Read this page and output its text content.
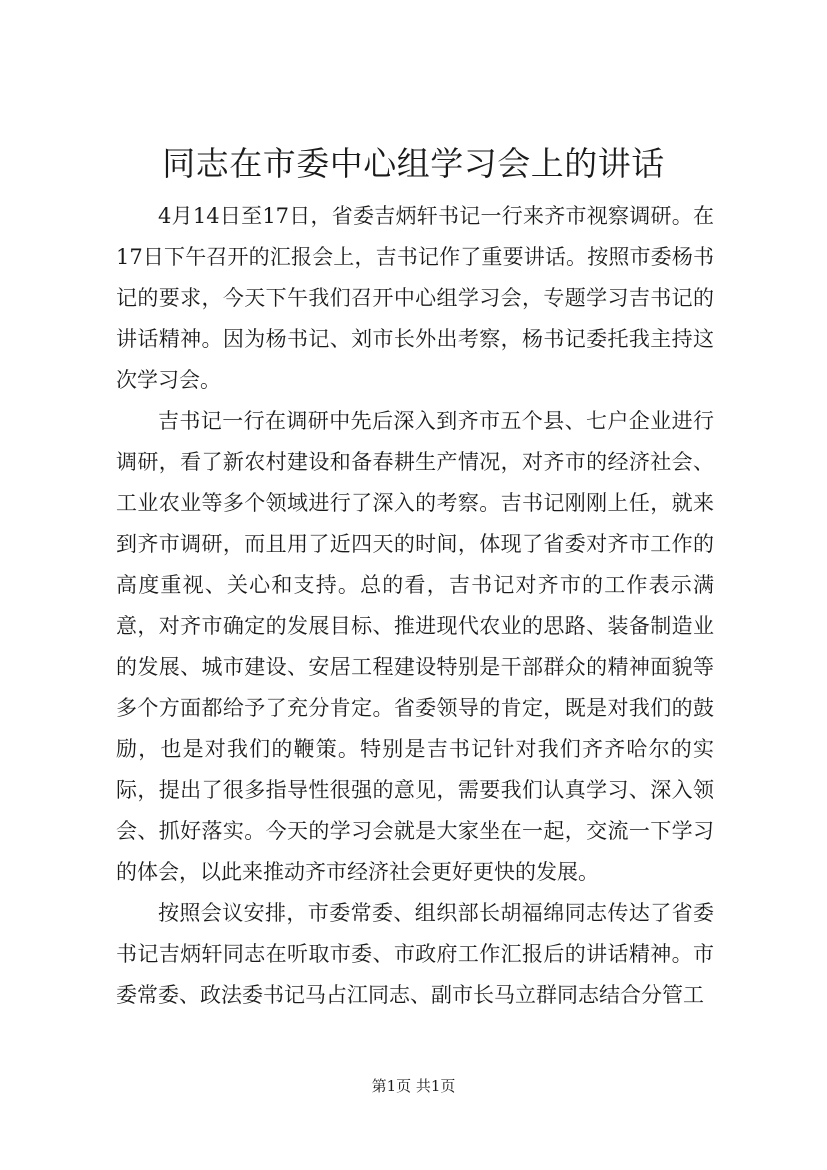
同志在市委中心组学习会上的讲话

4月14日至17日，省委吉炳轩书记一行来齐市视察调研。在17日下午召开的汇报会上，吉书记作了重要讲话。按照市委杨书记的要求，今天下午我们召开中心组学习会，专题学习吉书记的讲话精神。因为杨书记、刘市长外出考察，杨书记委托我主持这次学习会。

吉书记一行在调研中先后深入到齐市五个县、七户企业进行调研，看了新农村建设和备春耕生产情况，对齐市的经济社会、工业农业等多个领域进行了深入的考察。吉书记刚刚上任，就来到齐市调研，而且用了近四天的时间，体现了省委对齐市工作的高度重视、关心和支持。总的看，吉书记对齐市的工作表示满意，对齐市确定的发展目标、推进现代农业的思路、装备制造业的发展、城市建设、安居工程建设特别是干部群众的精神面貌等多个方面都给予了充分肯定。省委领导的肯定，既是对我们的鼓励，也是对我们的鞭策。特别是吉书记针对我们齐齐哈尔的实际，提出了很多指导性很强的意见，需要我们认真学习、深入领会、抓好落实。今天的学习会就是大家坐在一起，交流一下学习的体会，以此来推动齐市经济社会更好更快的发展。

按照会议安排，市委常委、组织部长胡福绵同志传达了省委书记吉炳轩同志在听取市委、市政府工作汇报后的讲话精神。市委常委、政法委书记马占江同志、副市长马立群同志结合分管工

第1页 共1页
